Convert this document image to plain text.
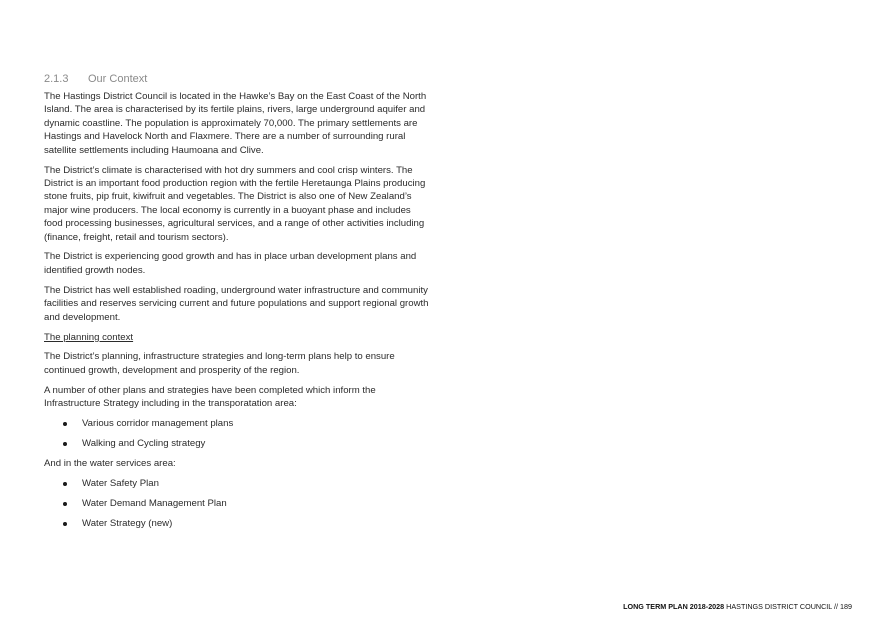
2.1.3 Our Context

The Hastings District Council is located in the Hawke’s Bay on the East Coast of the North Island. The area is characterised by its fertile plains, rivers, large underground aquifer and dynamic coastline. The population is approximately 70,000. The primary settlements are Hastings and Havelock North and Flaxmere. There are a number of surrounding rural satellite settlements including Haumoana and Clive.

The District’s climate is characterised with hot dry summers and cool crisp winters. The District is an important food production region with the fertile Heretaunga Plains producing stone fruits, pip fruit, kiwifruit and vegetables. The District is also one of New Zealand’s major wine producers. The local economy is currently in a buoyant phase and includes food processing businesses, agricultural services, and a range of other activities including (finance, freight, retail and tourism sectors).

The District is experiencing good growth and has in place urban development plans and identified growth nodes.

The District has well established roading, underground water infrastructure and community facilities and reserves servicing current and future populations and support regional growth and development.

The planning context

The District’s planning, infrastructure strategies and long-term plans help to ensure continued growth, development and prosperity of the region.

A number of other plans and strategies have been completed which inform the Infrastructure Strategy including in the transporatation area:

Various corridor management plans
Walking and Cycling strategy

And in the water services area:

Water Safety Plan
Water Demand Management Plan
Water Strategy (new)
LONG TERM PLAN 2018-2028 HASTINGS DISTRICT COUNCIL // 189
